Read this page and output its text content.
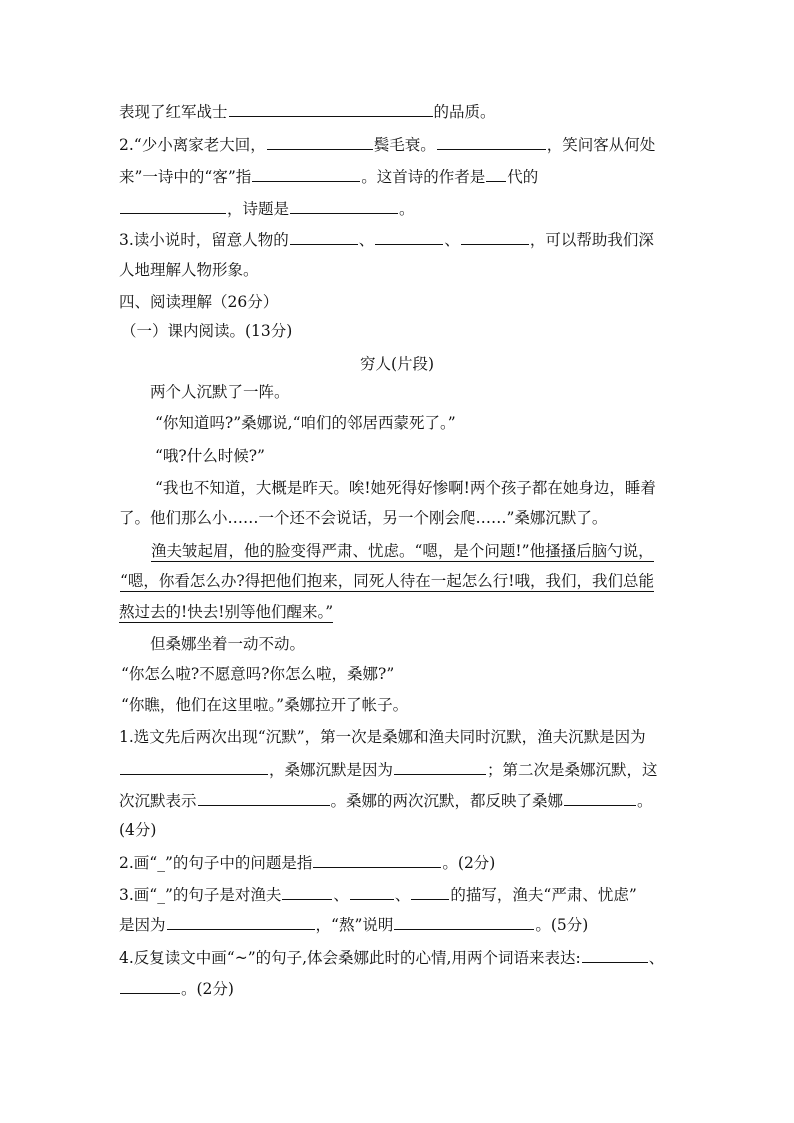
表现了红军战士	的品质。
2.“少小离家老大回，	鬓毛衰。	，笑问客从何处
来”一诗中的“客”指	。这首诗的作者是 代的
，诗题是	。
3.读小说时，留意人物的	、	、	，可以帮助我们深
人地理解人物形象。
四、阅读理解（26分）
（一）课内阅读。(13分)
穷人(片段)
两个人沉默了一阵。
“你知道吗?”桑娜说,“咱们的邻居西蒙死了。”
“哦?什么时候?”
“我也不知道，大概是昨天。唉!她死得好惨啊!两个孩子都在她身边，睡着
了。他们那么小……一个还不会说话，另一个刚会爬……”桑娜沉默了。
渔夫皱起眉，他的脸变得严肃、忧虑。“嗯，是个问题!”他搔搔后脑勺说，
“嗯，你看怎么办?得把他们抱来，同死人待在一起怎么行!哦，我们，我们总能
熬过去的!快去!别等他们醒来。”
但桑娜坐着一动不动。
“你怎么啦?不愿意吗?你怎么啦，桑娜?”
“你瞧，他们在这里啦。”桑娜拉开了帐子。
1.选文先后两次出现“沉默”，第一次是桑娜和渔夫同时沉默，渔夫沉默是因为
，桑娜沉默是因为	；第二次是桑娜沉默，这
次沉默表示	。桑娜的两次沉默，都反映了桑娜	。
(4分)
2.画“_”的句子中的问题是指	。(2分)
3.画“_”的句子是对渔夫	、	、	的描写，渔夫“严肃、忧虑”
是因为	，“熬”说明	。(5分)
4.反复读文中画“~”的句子,体会桑娜此时的心情,用两个词语来表达:	、
。(2分)
